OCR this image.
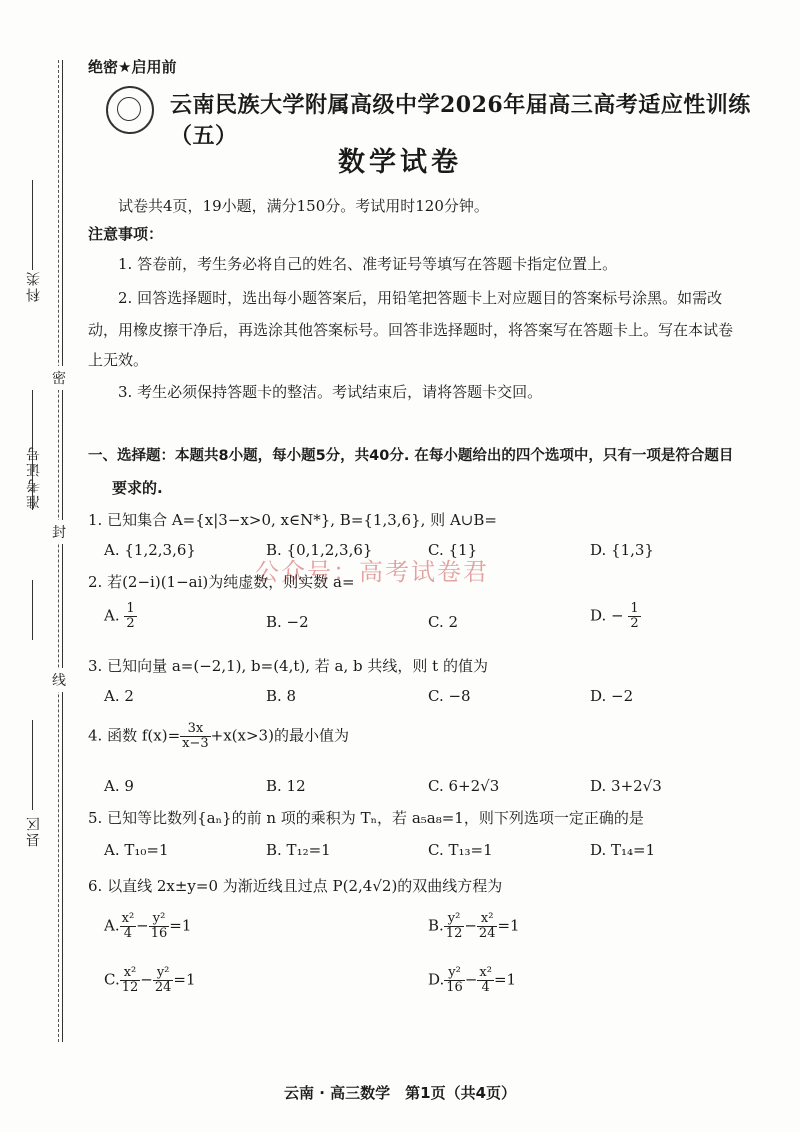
科类
准考证号
县区
密
封
线
绝密★启用前
云南民族大学附属高级中学2026年届高三高考适应性训练（五）
数学试卷
试卷共4页，19小题，满分150分。考试用时120分钟。
注意事项：
1. 答卷前，考生务必将自己的姓名、准考证号等填写在答题卡指定位置上。
2. 回答选择题时，选出每小题答案后，用铅笔把答题卡上对应题目的答案标号涂黑。如需改
动，用橡皮擦干净后，再选涂其他答案标号。回答非选择题时，将答案写在答题卡上。写在本试卷
上无效。
3. 考生必须保持答题卡的整洁。考试结束后，请将答题卡交回。
一、选择题：本题共8小题，每小题5分，共40分. 在每小题给出的四个选项中，只有一项是符合题目
要求的.
1. 已知集合 A={x|3−x>0, x∈N*}, B={1,3,6}, 则 A∪B=
A. {1,2,3,6}	B. {0,1,2,3,6}	C. {1}	D. {1,3}
公众号：高考试卷君
2. 若(2−i)(1−ai)为纯虚数，则实数 a=
A. $\frac{1}{2}$	B. −2	C. 2	D. − $\frac{1}{2}$
3. 已知向量 a=(−2,1), b=(4,t), 若 a, b 共线，则 t 的值为
A. 2	B. 8	C. −8	D. −2
4. 函数 $f(x)= \frac{3x}{x-3} +x(x>3)$的最小值为
A. 9	B. 12	C. 6+2√3	D. 3+2√3
5. 已知等比数列{aₙ}的前 n 项的乘积为 Tₙ，若 a₅a₈=1，则下列选项一定正确的是
A. T₁₀=1	B. T₁₂=1	C. T₁₃=1	D. T₁₄=1
6. 以直线 2x±y=0 为渐近线且过点 P(2,4√2)的双曲线方程为
A. $\frac{\text{x²}}{4} - \frac{\text{y²}}{16} =1$	B. $\frac{\text{y²}}{12} - \frac{\text{x²}}{24} =1$
C. $\frac{\text{x²}}{12} - \frac{\text{y²}}{24} =1$	D. $\frac{\text{y²}}{16} - \frac{\text{x²}}{4} =1$
云南 · 高三数学　第1页（共4页）
